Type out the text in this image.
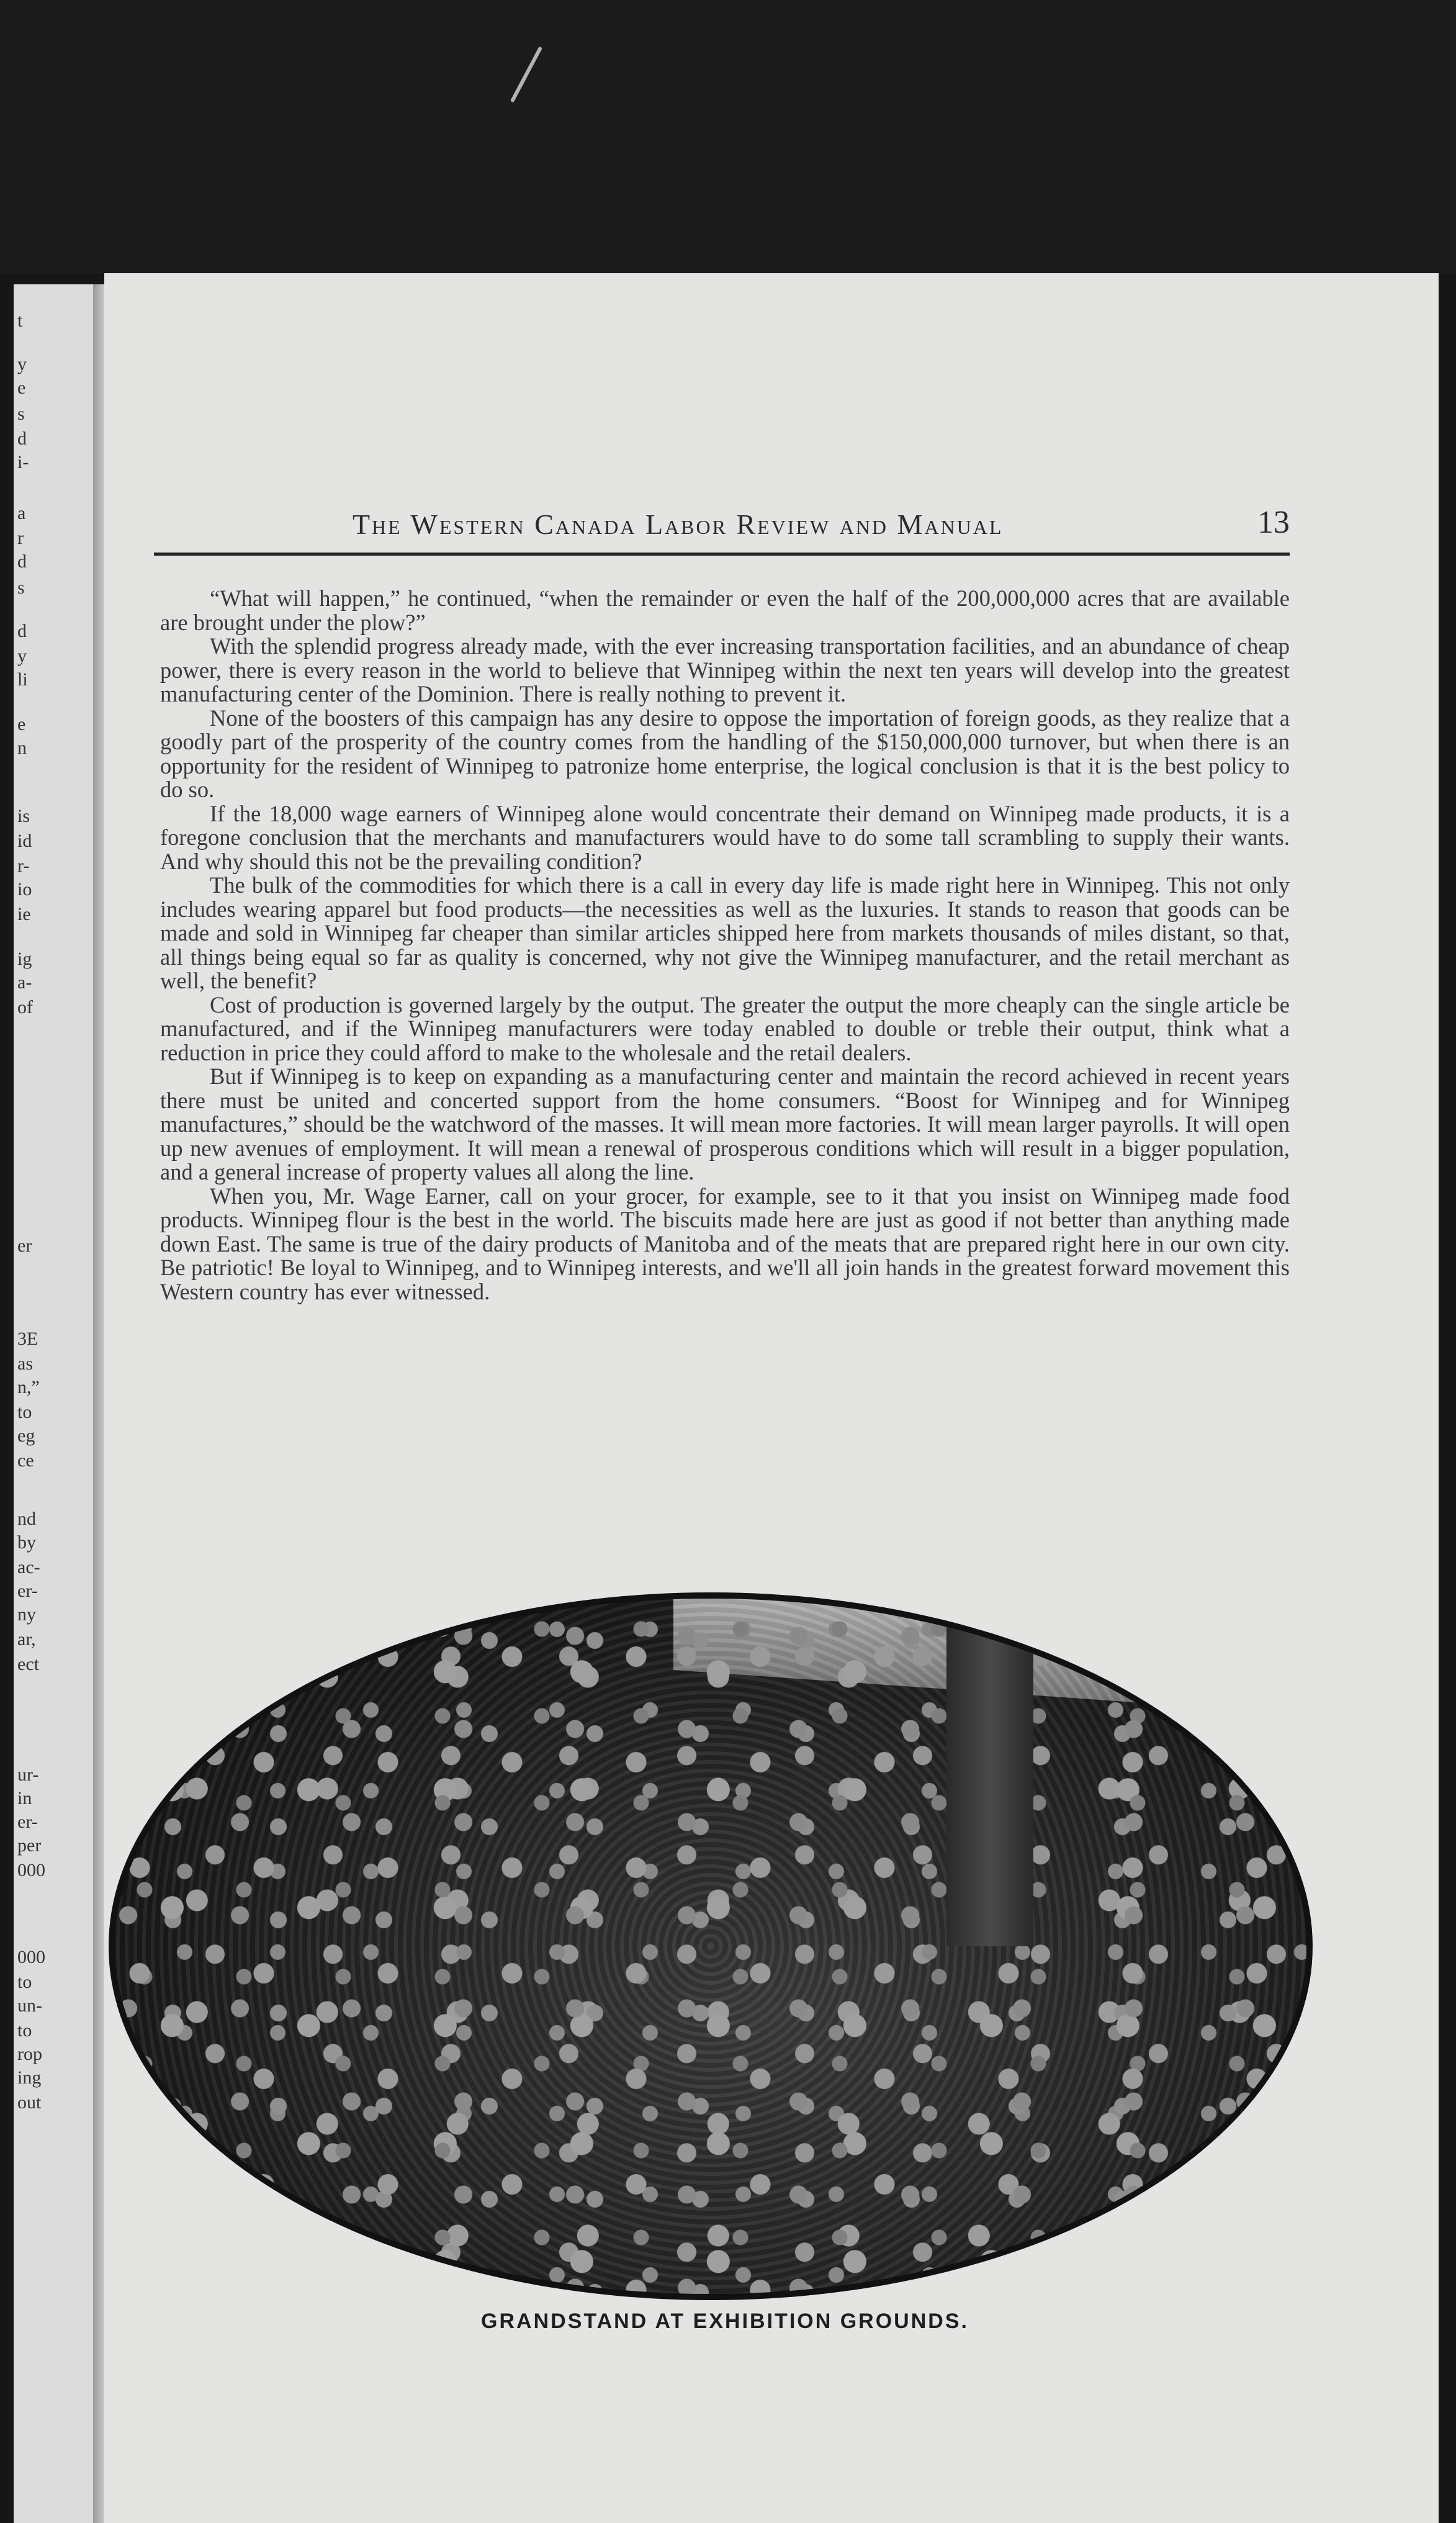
t
y
e
s
d
i-
a
r
d
s
d
y
li
e
n
is
id
r-
io
ie
ig
a-
of
er
3E
as
n,”
to
eg
ce
nd
by
ac-
er-
ny
ar,
ect
ur-
in
er-
per
000
000
to
un-
to
rop
ing
out
The Western Canada Labor Review and Manual	13

“What will happen,” he continued, “when the remainder or even the half of the 200,000,000 acres that are available are brought under the plow?”

With the splendid progress already made, with the ever increasing transportation facilities, and an abundance of cheap power, there is every reason in the world to believe that Winnipeg within the next ten years will develop into the greatest manufacturing center of the Dominion. There is really nothing to prevent it.

None of the boosters of this campaign has any desire to oppose the importation of foreign goods, as they realize that a goodly part of the prosperity of the country comes from the handling of the $150,000,000 turnover, but when there is an opportunity for the resident of Winnipeg to patronize home enterprise, the logical conclusion is that it is the best policy to do so.

If the 18,000 wage earners of Winnipeg alone would concentrate their demand on Winnipeg made products, it is a foregone conclusion that the merchants and manufacturers would have to do some tall scrambling to supply their wants. And why should this not be the prevailing condition?

The bulk of the commodities for which there is a call in every day life is made right here in Winnipeg. This not only includes wearing apparel but food products—the necessities as well as the luxuries. It stands to reason that goods can be made and sold in Winnipeg far cheaper than similar articles shipped here from markets thousands of miles distant, so that, all things being equal so far as quality is concerned, why not give the Winnipeg manufacturer, and the retail merchant as well, the benefit?

Cost of production is governed largely by the output. The greater the output the more cheaply can the single article be manufactured, and if the Winnipeg manufacturers were today enabled to double or treble their output, think what a reduction in price they could afford to make to the wholesale and the retail dealers.

But if Winnipeg is to keep on expanding as a manufacturing center and maintain the record achieved in recent years there must be united and concerted support from the home consumers. “Boost for Winnipeg and for Winnipeg manufactures,” should be the watchword of the masses. It will mean more factories. It will mean larger payrolls. It will open up new avenues of employment. It will mean a renewal of prosperous conditions which will result in a bigger population, and a general increase of property values all along the line.

When you, Mr. Wage Earner, call on your grocer, for example, see to it that you insist on Winnipeg made food products. Winnipeg flour is the best in the world. The biscuits made here are just as good if not better than anything made down East. The same is true of the dairy products of Manitoba and of the meats that are prepared right here in our own city. Be patriotic! Be loyal to Winnipeg, and to Winnipeg interests, and we'll all join hands in the greatest forward movement this Western country has ever witnessed.

GRANDSTAND AT EXHIBITION GROUNDS.
